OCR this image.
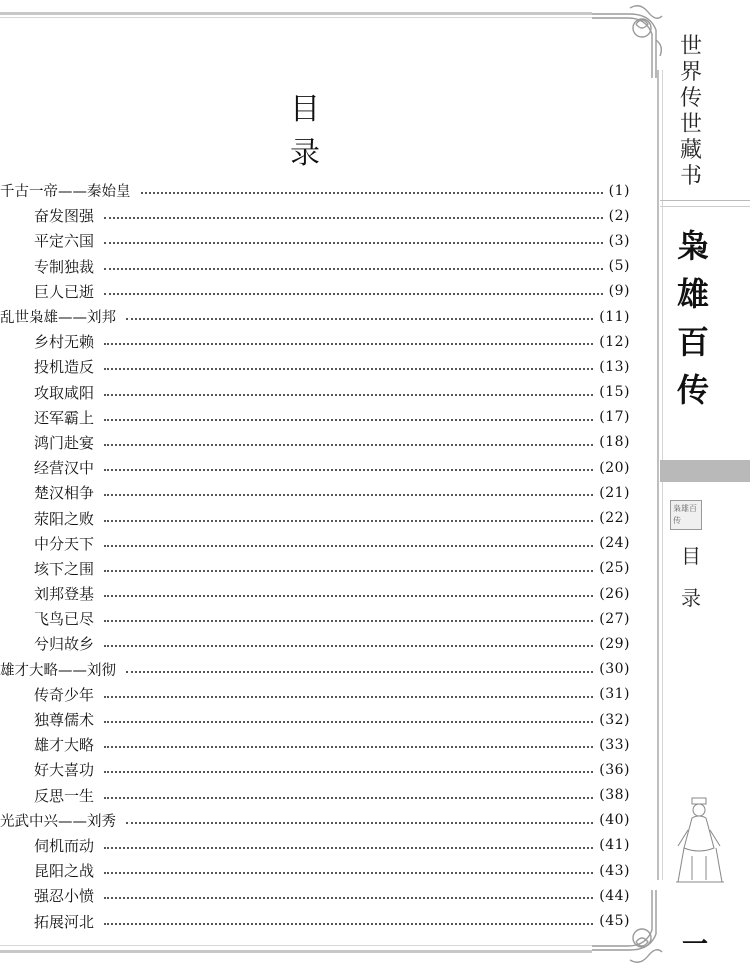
目录
千古一帝——秦始皇	(1)
奋发图强	(2)
平定六国	(3)
专制独裁	(5)
巨人已逝	(9)
乱世枭雄——刘邦	(11)
乡村无赖	(12)
投机造反	(13)
攻取咸阳	(15)
还军霸上	(17)
鸿门赴宴	(18)
经营汉中	(20)
楚汉相争	(21)
荥阳之败	(22)
中分天下	(24)
垓下之围	(25)
刘邦登基	(26)
飞鸟已尽	(27)
兮归故乡	(29)
雄才大略——刘彻	(30)
传奇少年	(31)
独尊儒术	(32)
雄才大略	(33)
好大喜功	(36)
反思一生	(38)
光武中兴——刘秀	(40)
伺机而动	(41)
昆阳之战	(43)
强忍小愤	(44)
拓展河北	(45)
世界传世藏书
枭雄百传
枭雄百传
目录
一
